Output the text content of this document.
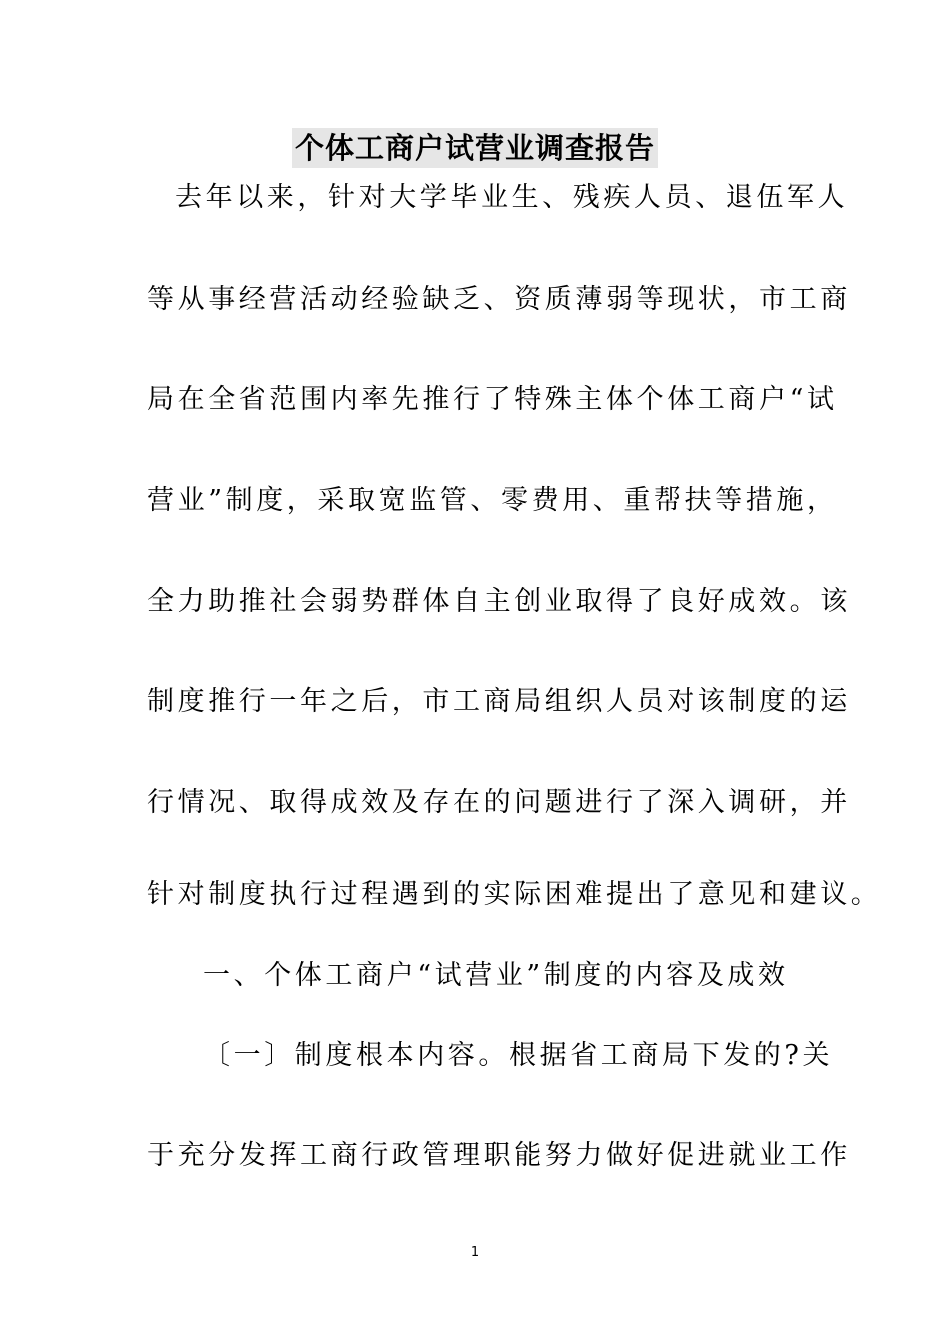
个体工商户试营业调查报告

去年以来，针对大学毕业生、残疾人员、退伍军人

等从事经营活动经验缺乏、资质薄弱等现状，市工商

局在全省范围内率先推行了特殊主体个体工商户“试

营业”制度，采取宽监管、零费用、重帮扶等措施，

全力助推社会弱势群体自主创业取得了良好成效。该

制度推行一年之后，市工商局组织人员对该制度的运

行情况、取得成效及存在的问题进行了深入调研，并

针对制度执行过程遇到的实际困难提出了意见和建议。

一、个体工商户“试营业”制度的内容及成效

〔一〕制度根本内容。根据省工商局下发的?关

于充分发挥工商行政管理职能努力做好促进就业工作

1
